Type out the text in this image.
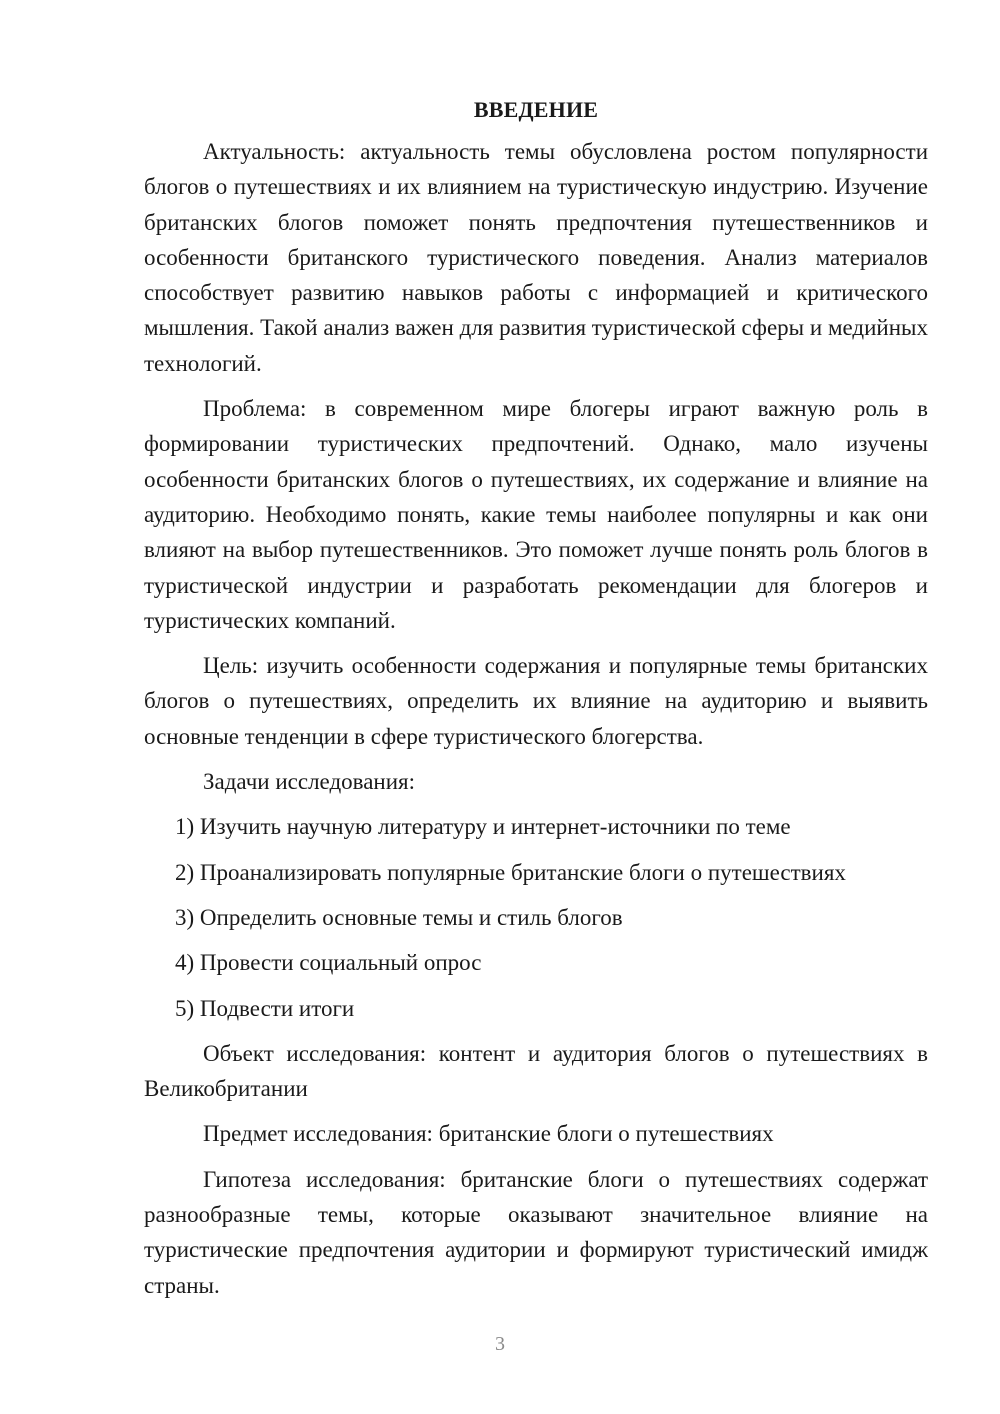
ВВЕДЕНИЕ

Актуальность: актуальность темы обусловлена ростом популярности блогов о путешествиях и их влиянием на туристическую индустрию. Изучение британских блогов поможет понять предпочтения путешественников и особенности британского туристического поведения. Анализ материалов способствует развитию навыков работы с информацией и критического мышления. Такой анализ важен для развития туристической сферы и медийных технологий.

Проблема: в современном мире блогеры играют важную роль в формировании туристических предпочтений. Однако, мало изучены особенности британских блогов о путешествиях, их содержание и влияние на аудиторию. Необходимо понять, какие темы наиболее популярны и как они влияют на выбор путешественников. Это поможет лучше понять роль блогов в туристической индустрии и разработать рекомендации для блогеров и туристических компаний.

Цель: изучить особенности содержания и популярные темы британских блогов о путешествиях, определить их влияние на аудиторию и выявить основные тенденции в сфере туристического блогерства.

Задачи исследования:

1) Изучить научную литературу и интернет-источники по теме
2) Проанализировать популярные британские блоги о путешествиях
3) Определить основные темы и стиль блогов
4) Провести социальный опрос
5) Подвести итоги

Объект исследования: контент и аудитория блогов о путешествиях в Великобритании

Предмет исследования: британские блоги о путешествиях

Гипотеза исследования: британские блоги о путешествиях содержат разнообразные темы, которые оказывают значительное влияние на туристические предпочтения аудитории и формируют туристический имидж страны.

3
